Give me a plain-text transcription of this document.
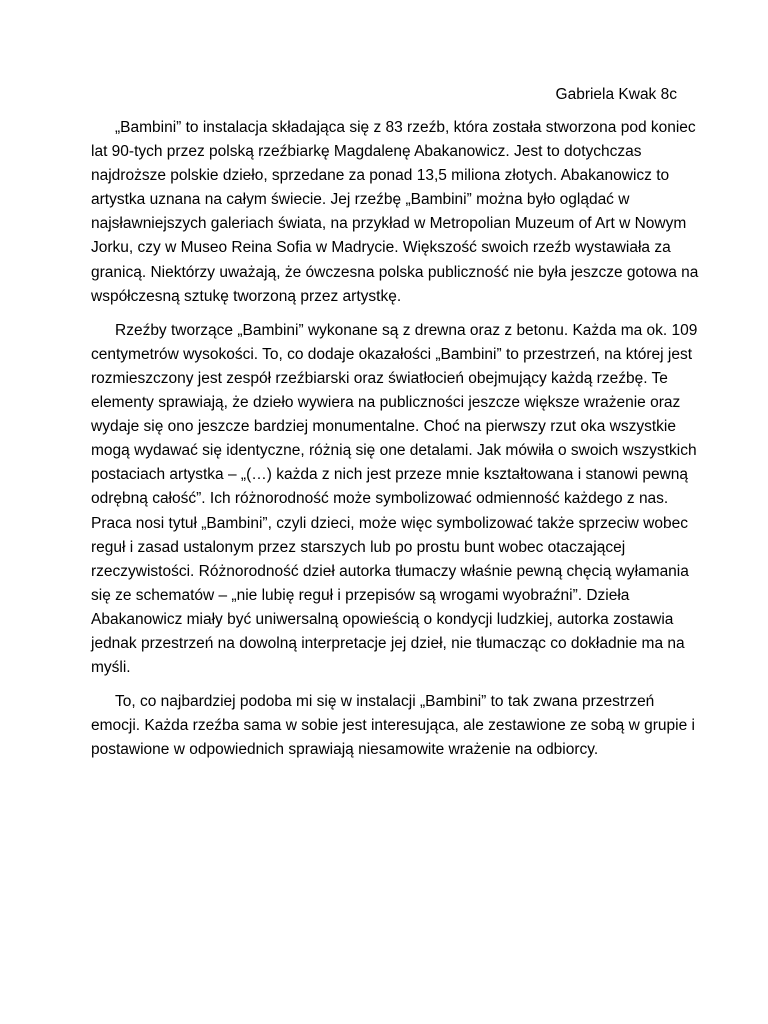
Gabriela Kwak 8c

„Bambini” to instalacja składająca się z 83 rzeźb, która została stworzona pod koniec
lat 90-tych przez polską rzeźbiarkę Magdalenę Abakanowicz. Jest to dotychczas
najdroższe polskie dzieło, sprzedane za ponad 13,5 miliona złotych. Abakanowicz to
artystka uznana na całym świecie. Jej rzeźbę „Bambini” można było oglądać w
najsławniejszych galeriach świata, na przykład w Metropolian Muzeum of Art w Nowym
Jorku, czy w Museo Reina Sofia w Madrycie. Większość swoich rzeźb wystawiała za
granicą. Niektórzy uważają, że ówczesna polska publiczność nie była jeszcze gotowa na
współczesną sztukę tworzoną przez artystkę.

Rzeźby tworzące „Bambini” wykonane są z drewna oraz z betonu. Każda ma ok. 109
centymetrów wysokości. To, co dodaje okazałości „Bambini” to przestrzeń, na której jest
rozmieszczony jest zespół rzeźbiarski oraz światłocień obejmujący każdą rzeźbę. Te
elementy sprawiają, że dzieło wywiera na publiczności jeszcze większe wrażenie oraz
wydaje się ono jeszcze bardziej monumentalne. Choć na pierwszy rzut oka wszystkie
mogą wydawać się identyczne, różnią się one detalami. Jak mówiła o swoich wszystkich
postaciach artystka – „(…) każda z nich jest przeze mnie kształtowana i stanowi pewną
odrębną całość”. Ich różnorodność może symbolizować odmienność każdego z nas.
Praca nosi tytuł „Bambini”, czyli dzieci, może więc symbolizować także sprzeciw wobec
reguł i zasad ustalonym przez starszych lub po prostu bunt wobec otaczającej
rzeczywistości. Różnorodność dzieł autorka tłumaczy właśnie pewną chęcią wyłamania
się ze schematów – „nie lubię reguł i przepisów są wrogami wyobraźni”. Dzieła
Abakanowicz miały być uniwersalną opowieścią o kondycji ludzkiej, autorka zostawia
jednak przestrzeń na dowolną interpretacje jej dzieł, nie tłumacząc co dokładnie ma na
myśli.

To, co najbardziej podoba mi się w instalacji „Bambini” to tak zwana przestrzeń
emocji. Każda rzeźba sama w sobie jest interesująca, ale zestawione ze sobą w grupie i
postawione w odpowiednich sprawiają niesamowite wrażenie na odbiorcy.
